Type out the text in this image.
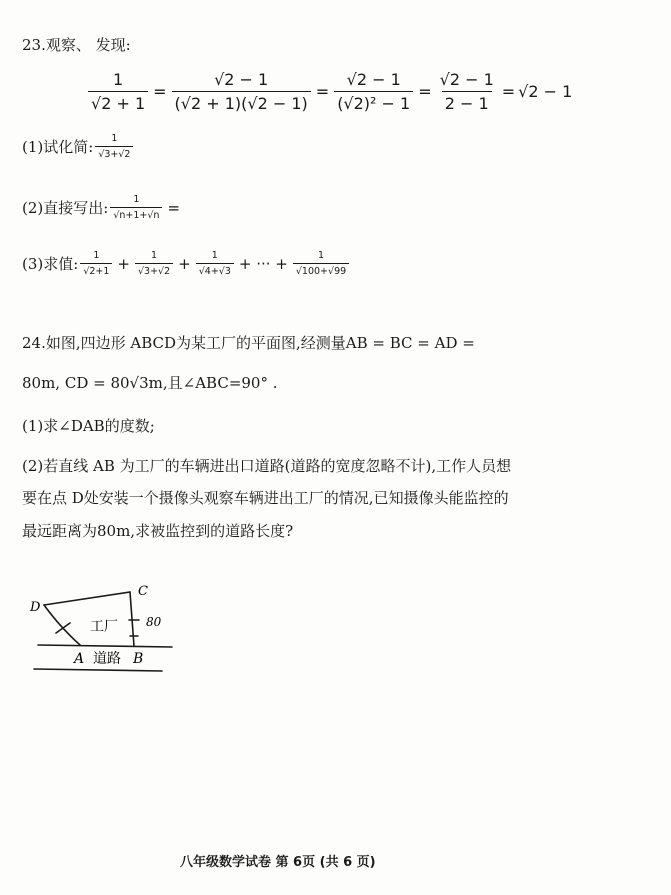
23.观察、 发现:
$\frac{1}{√2 + 1} = \frac{√2 - 1}{(√2 + 1)(√2 - 1)} = \frac{√2 - 1}{\text{(√2)² − 1}} = \frac{√2 - 1}{2 - 1} = √2 - 1$
(1)试化简: $\frac{1}{√3+√2}$
(2)直接写出: $\frac{1}{√n+1+√n}$ =
(3)求值: $\frac{1}{√2+1} + \frac{1}{√3+√2} + \frac{1}{√4+√3}$ + ··· + $\frac{1}{√100+√99}$
24.如图,四边形 ABCD为某工厂的平面图,经测量AB = BC = AD =
80m, CD = 80√3m,且∠ABC=90° .
(1)求∠DAB的度数;
(2)若直线 AB 为工厂的车辆进出口道路(道路的宽度忽略不计),工作人员想
要在点 D处安装一个摄像头观察车辆进出工厂的情况,已知摄像头能监控的
最远距离为80m,求被监控到的道路长度?
D
C
工厂 80
A 道路 B
八年级数学试卷 第 6页 (共 6 页)
